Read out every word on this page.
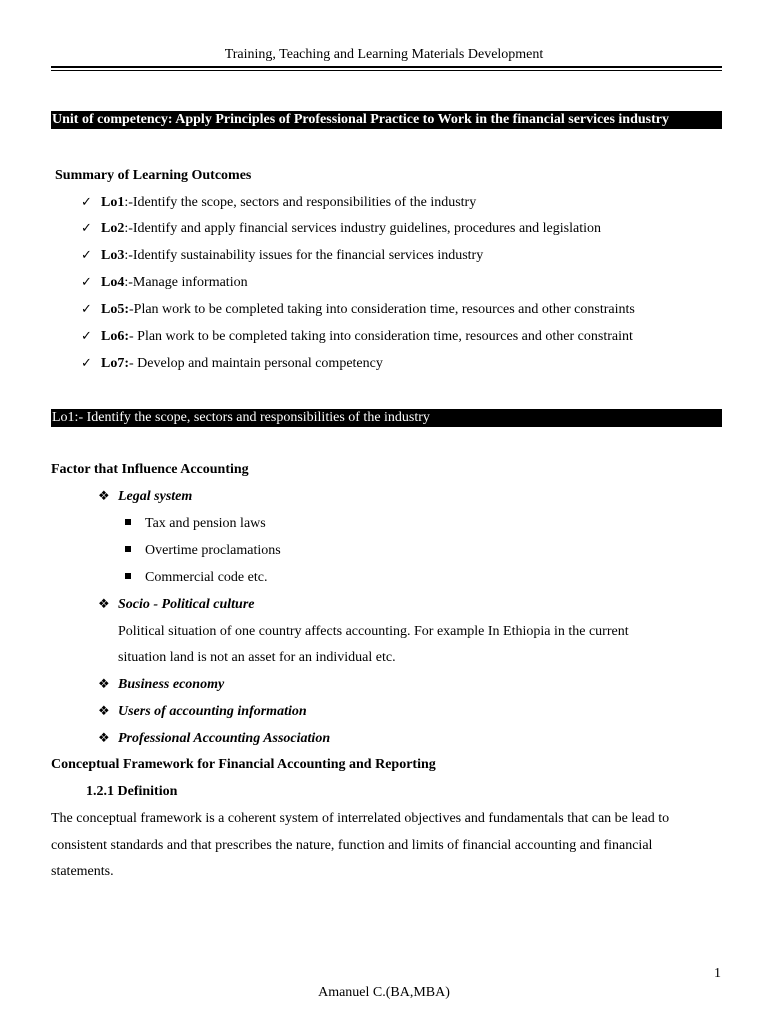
Training, Teaching and Learning Materials Development
Unit of competency: Apply Principles of Professional Practice to Work in the financial services industry
Summary of Learning Outcomes
✓ Lo1:-Identify the scope, sectors and responsibilities of the industry
✓ Lo2:-Identify and apply financial services industry guidelines, procedures and legislation
✓ Lo3:-Identify sustainability issues for the financial services industry
✓ Lo4:-Manage information
✓ Lo5:-Plan work to be completed taking into consideration time, resources and other constraints
✓ Lo6:- Plan work to be completed taking into consideration time, resources and other constraint
✓ Lo7:- Develop and maintain personal competency
Lo1:- Identify the scope, sectors and responsibilities of the industry
Factor that Influence Accounting
❖ Legal system
Tax and pension laws
Overtime proclamations
Commercial code etc.
❖ Socio - Political culture
Political situation of one country affects accounting. For example In Ethiopia in the current
situation land is not an asset for an individual etc.
❖ Business economy
❖ Users of accounting information
❖ Professional Accounting Association
Conceptual Framework for Financial Accounting and Reporting
1.2.1 Definition
The conceptual framework is a coherent system of interrelated objectives and fundamentals that can be lead to
consistent standards and that prescribes the nature, function and limits of financial accounting and financial
statements.
1
Amanuel C.(BA,MBA)
